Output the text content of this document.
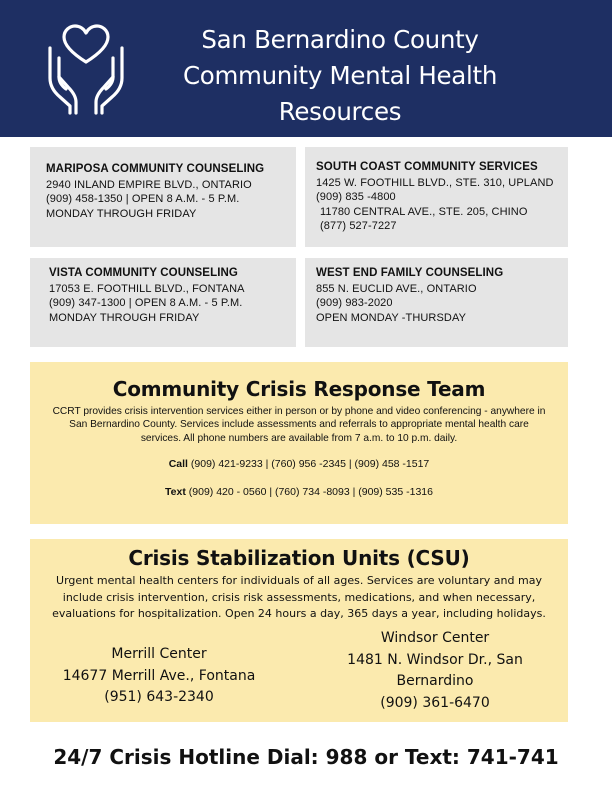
San Bernardino County
Community Mental Health
Resources
MARIPOSA COMMUNITY COUNSELING
2940 INLAND EMPIRE BLVD., ONTARIO
(909) 458-1350 | OPEN 8 A.M. - 5 P.M.
MONDAY THROUGH FRIDAY
SOUTH COAST COMMUNITY SERVICES
1425 W. FOOTHILL BLVD., STE. 310, UPLAND
(909) 835 -4800
11780 CENTRAL AVE., STE. 205, CHINO
(877) 527-7227
VISTA COMMUNITY COUNSELING
17053 E. FOOTHILL BLVD., FONTANA
(909) 347-1300 | OPEN 8 A.M. - 5 P.M.
MONDAY THROUGH FRIDAY
WEST END FAMILY COUNSELING
855 N. EUCLID AVE., ONTARIO
(909) 983-2020
OPEN MONDAY -THURSDAY
Community Crisis Response Team
CCRT provides crisis intervention services either in person or by phone and video conferencing - anywhere in San Bernardino County. Services include assessments and referrals to appropriate mental health care services. All phone numbers are available from 7 a.m. to 10 p.m. daily.
Call (909) 421-9233 | (760) 956 -2345 | (909) 458 -1517
Text (909) 420 - 0560 | (760) 734 -8093 | (909) 535 -1316
Crisis Stabilization Units (CSU)
Urgent mental health centers for individuals of all ages. Services are voluntary and may include crisis intervention, crisis risk assessments, medications, and when necessary, evaluations for hospitalization. Open 24 hours a day, 365 days a year, including holidays.
Merrill Center
14677 Merrill Ave., Fontana
(951) 643-2340
Windsor Center
1481 N. Windsor Dr., San
Bernardino
(909) 361-6470
24/7 Crisis Hotline Dial: 988 or Text: 741-741
